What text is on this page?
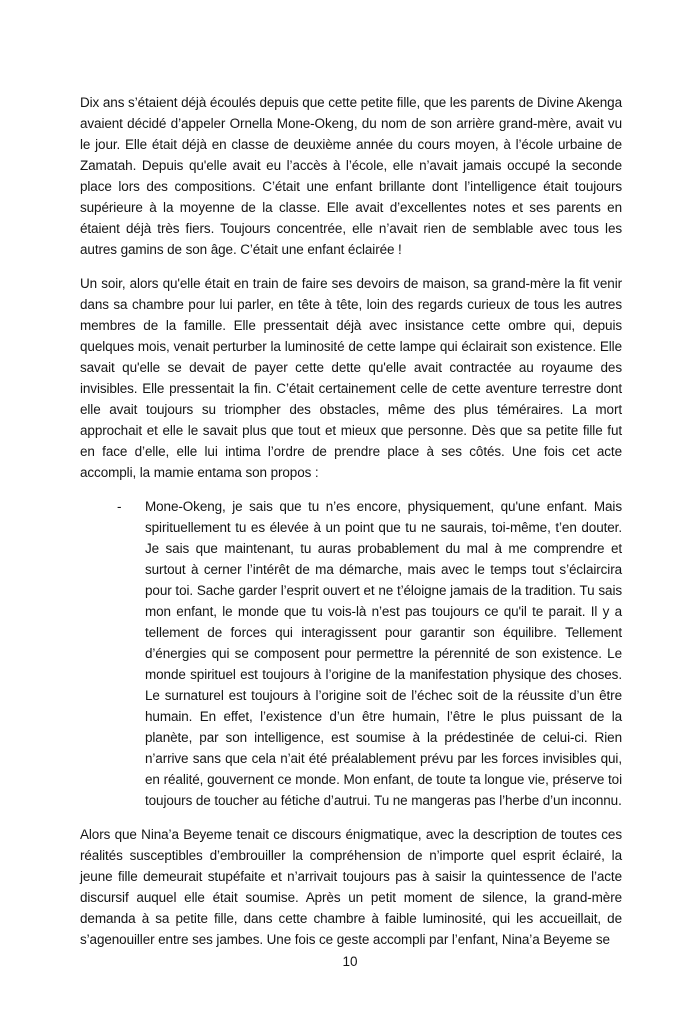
Dix ans s’étaient déjà écoulés depuis que cette petite fille, que les parents de Divine Akenga avaient décidé d’appeler Ornella Mone-Okeng, du nom de son arrière grand-mère, avait vu le jour. Elle était déjà en classe de deuxième année du cours moyen, à l’école urbaine de Zamatah. Depuis qu'elle avait eu l’accès à l’école, elle n’avait jamais occupé la seconde place lors des compositions. C’était une enfant brillante dont l’intelligence était toujours supérieure à la moyenne de la classe. Elle avait d’excellentes notes et ses parents en étaient déjà très fiers. Toujours concentrée, elle n’avait rien de semblable avec tous les autres gamins de son âge. C’était une enfant éclairée !

Un soir, alors qu'elle était en train de faire ses devoirs de maison, sa grand-mère la fit venir dans sa chambre pour lui parler, en tête à tête, loin des regards curieux de tous les autres membres de la famille. Elle pressentait déjà avec insistance cette ombre qui, depuis quelques mois, venait perturber la luminosité de cette lampe qui éclairait son existence. Elle savait qu'elle se devait de payer cette dette qu'elle avait contractée au royaume des invisibles. Elle pressentait la fin. C’était certainement celle de cette aventure terrestre dont elle avait toujours su triompher des obstacles, même des plus téméraires. La mort approchait et elle le savait plus que tout et mieux que personne. Dès que sa petite fille fut en face d’elle, elle lui intima l’ordre de prendre place à ses côtés. Une fois cet acte accompli, la mamie entama son propos :

-	Mone-Okeng, je sais que tu n’es encore, physiquement, qu'une enfant. Mais spirituellement tu es élevée à un point que tu ne saurais, toi-même, t’en douter. Je sais que maintenant, tu auras probablement du mal à me comprendre et surtout à cerner l’intérêt de ma démarche, mais avec le temps tout s’éclaircira pour toi. Sache garder l’esprit ouvert et ne t’éloigne jamais de la tradition. Tu sais mon enfant, le monde que tu vois-là n’est pas toujours ce qu'il te parait. Il y a tellement de forces qui interagissent pour garantir son équilibre. Tellement d’énergies qui se composent pour permettre la pérennité de son existence. Le monde spirituel est toujours à l’origine de la manifestation physique des choses. Le surnaturel est toujours à l’origine soit de l’échec soit de la réussite d’un être humain. En effet, l’existence d’un être humain, l’être le plus puissant de la planète, par son intelligence, est soumise à la prédestinée de celui-ci. Rien n’arrive sans que cela n’ait été préalablement prévu par les forces invisibles qui, en réalité, gouvernent ce monde. Mon enfant, de toute ta longue vie, préserve toi toujours de toucher au fétiche d’autrui. Tu ne mangeras pas l’herbe d’un inconnu.

Alors que Nina’a Beyeme tenait ce discours énigmatique, avec la description de toutes ces réalités susceptibles d’embrouiller la compréhension de n’importe quel esprit éclairé, la jeune fille demeurait stupéfaite et n’arrivait toujours pas à saisir la quintessence de l’acte discursif auquel elle était soumise. Après un petit moment de silence, la grand-mère demanda à sa petite fille, dans cette chambre à faible luminosité, qui les accueillait, de s’agenouiller entre ses jambes. Une fois ce geste accompli par l’enfant, Nina’a Beyeme se

10
